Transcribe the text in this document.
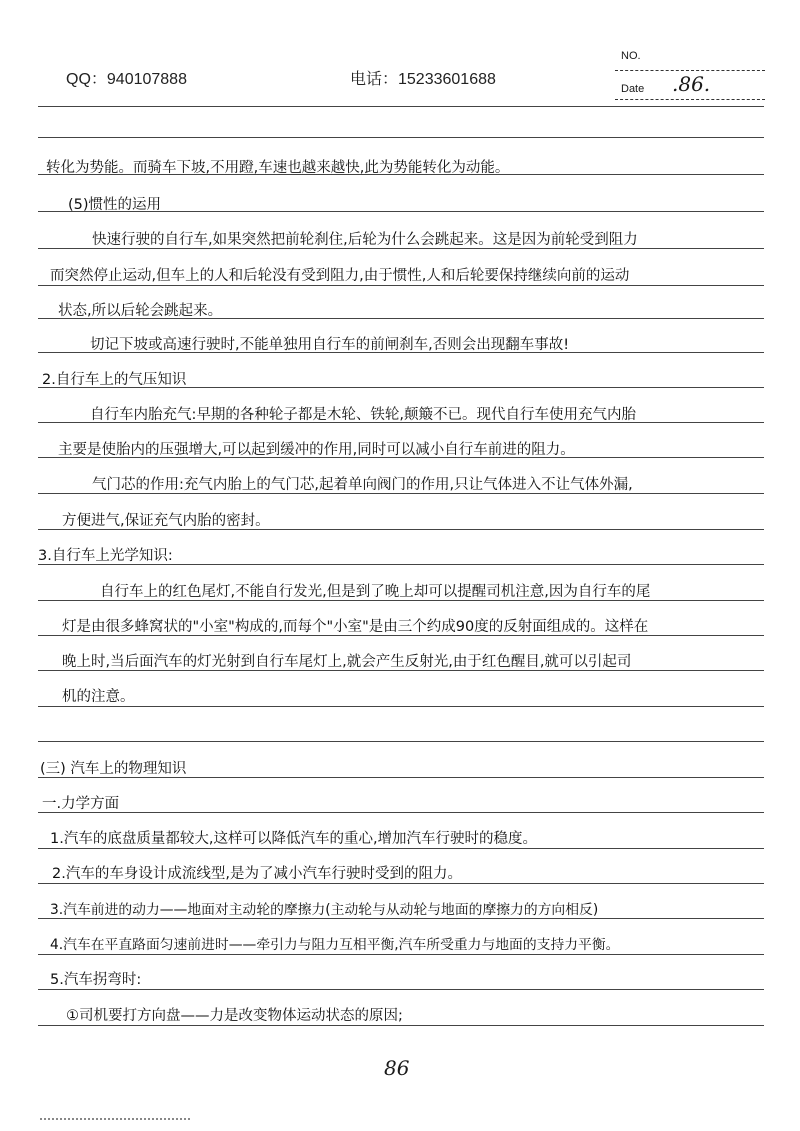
QQ：940107888	电话：15233601688
NO.
Date .86.
转化为势能。而骑车下坡,不用蹬,车速也越来越快,此为势能转化为动能。
(5)惯性的运用
快速行驶的自行车,如果突然把前轮刹住,后轮为什么会跳起来。这是因为前轮受到阻力
而突然停止运动,但车上的人和后轮没有受到阻力,由于惯性,人和后轮要保持继续向前的运动
状态,所以后轮会跳起来。
切记下坡或高速行驶时,不能单独用自行车的前闸刹车,否则会出现翻车事故!
2.自行车上的气压知识
自行车内胎充气:早期的各种轮子都是木轮、铁轮,颠簸不已。现代自行车使用充气内胎
主要是使胎内的压强增大,可以起到缓冲的作用,同时可以减小自行车前进的阻力。
气门芯的作用:充气内胎上的气门芯,起着单向阀门的作用,只让气体进入不让气体外漏,
方便进气,保证充气内胎的密封。
3.自行车上光学知识:
自行车上的红色尾灯,不能自行发光,但是到了晚上却可以提醒司机注意,因为自行车的尾
灯是由很多蜂窝状的"小室"构成的,而每个"小室"是由三个约成90度的反射面组成的。这样在
晚上时,当后面汽车的灯光射到自行车尾灯上,就会产生反射光,由于红色醒目,就可以引起司
机的注意。
(三) 汽车上的物理知识
一.力学方面
1.汽车的底盘质量都较大,这样可以降低汽车的重心,增加汽车行驶时的稳度。
2.汽车的车身设计成流线型,是为了减小汽车行驶时受到的阻力。
3.汽车前进的动力——地面对主动轮的摩擦力(主动轮与从动轮与地面的摩擦力的方向相反)
4.汽车在平直路面匀速前进时——牵引力与阻力互相平衡,汽车所受重力与地面的支持力平衡。
5.汽车拐弯时:
①司机要打方向盘——力是改变物体运动状态的原因;
86
